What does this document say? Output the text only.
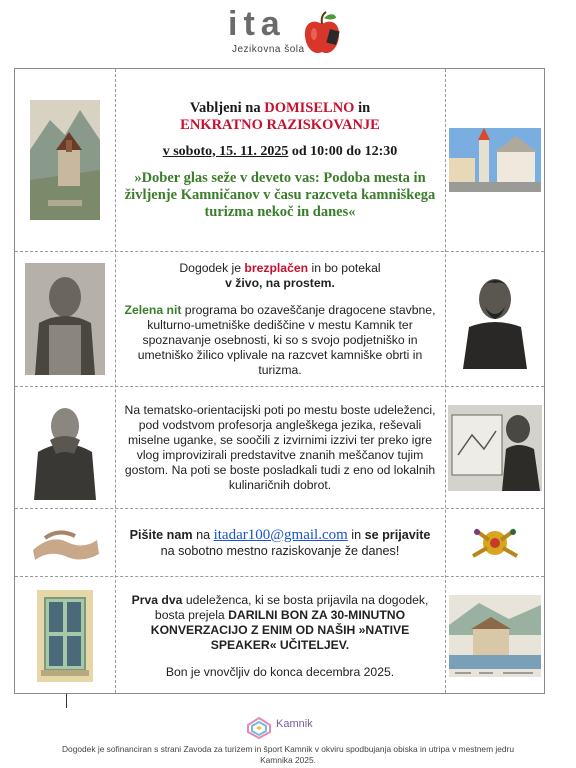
ita
Jezikovna šola

Vabljeni na DOMISELNO in

ENKRATNO RAZISKOVANJE

v soboto, 15. 11. 2025 od 10:00 do 12:30

»Dober glas seže v deveto vas: Podoba mesta in življenje Kamničanov v času razcveta kamniškega turizma nekoč in danes«

Dogodek je brezplačen in bo potekal

v živo, na prostem.

Zelena nit programa bo ozaveščanje dragocene stavbne, kulturno-umetniške dediščine v mestu Kamnik ter spoznavanje osebnosti, ki so s svojo podjetniško in umetniško žilico vplivale na razcvet kamniške obrti in turizma.

Na tematsko-orientacijski poti po mestu boste udeleženci, pod vodstvom profesorja angleškega jezika, reševali miselne uganke, se soočili z izvirnimi izzivi ter preko igre vlog improvizirali predstavitve znanih meščanov tujim gostom. Na poti se boste posladkali tudi z eno od lokalnih kulinaričnih dobrot.

Pišite nam na itadar100@gmail.com in se prijavite na sobotno mestno raziskovanje že danes!

Prva dva udeleženca, ki se bosta prijavila na dogodek, bosta prejela DARILNI BON ZA 30-MINUTNO KONVERZACIJO Z ENIM OD NAŠIH »NATIVE SPEAKER« UČITELJEV.

Bon je vnovčljiv do konca decembra 2025.

Kamnik
Dogodek je sofinanciran s strani Zavoda za turizem in šport Kamnik v okviru spodbujanja obiska in utripa v mestnem jedru Kamnika 2025.
